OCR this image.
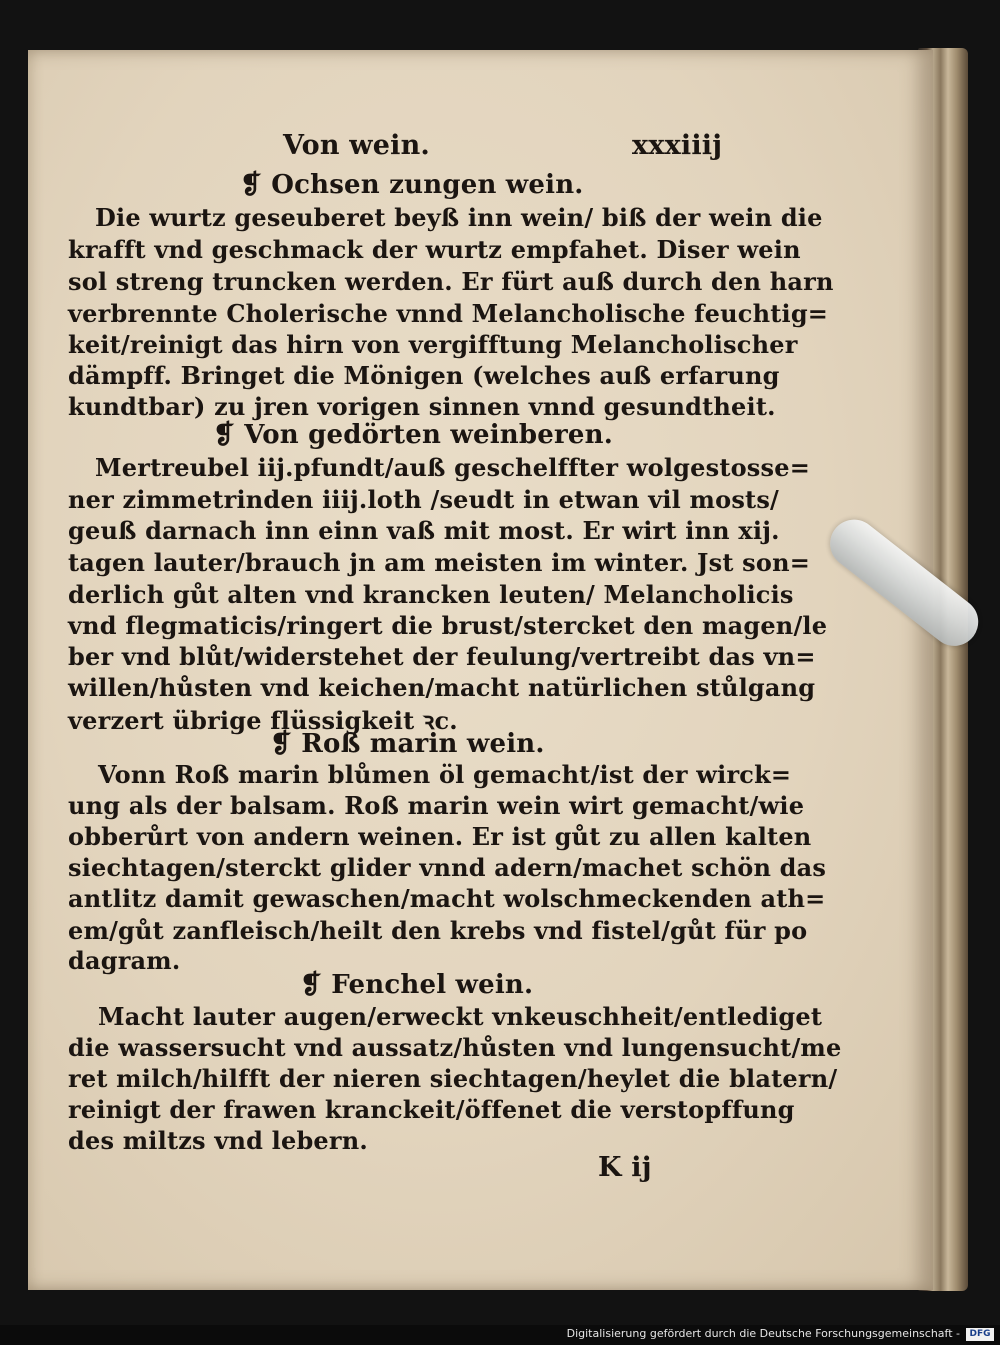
Von wein.	xxxiiij
❡ Ochsen zungen wein.
Die wurtz geseuberet beyß inn wein/ biß der wein die
krafft vnd geschmack der wurtz empfahet. Diser wein
sol streng truncken werden. Er fürt auß durch den harn
verbrennte Cholerische vnnd Melancholische feuchtig=
keit/reinigt das hirn von vergifftung Melancholischer
dämpff. Bringet die Mönigen (welches auß erfarung
kundtbar) zu jren vorigen sinnen vnnd gesundtheit.
❡ Von gedörten weinberen.
Mertreubel iij.pfundt/auß geschelffter wolgestosse=
ner zimmetrinden iiij.loth /seudt in etwan vil mosts/
geuß darnach inn einn vaß mit most. Er wirt inn xij.
tagen lauter/brauch jn am meisten im winter. Jst son=
derlich gůt alten vnd krancken leuten/ Melancholicis
vnd flegmaticis/ringert die brust/stercket den magen/le
ber vnd blůt/widerstehet der feulung/vertreibt das vn=
willen/hůsten vnd keichen/macht natürlichen stůlgang
verzert übrige flüssigkeit ꝛc.
❡ Roß marin wein.
Vonn Roß marin blůmen öl gemacht/ist der wirck=
ung als der balsam. Roß marin wein wirt gemacht/wie
obberůrt von andern weinen. Er ist gůt zu allen kalten
siechtagen/sterckt glider vnnd adern/machet schön das
antlitz damit gewaschen/macht wolschmeckenden ath=
em/gůt zanfleisch/heilt den krebs vnd fistel/gůt für po
dagram.
❡ Fenchel wein.
Macht lauter augen/erweckt vnkeuschheit/entlediget
die wassersucht vnd aussatz/hůsten vnd lungensucht/me
ret milch/hilfft der nieren siechtagen/heylet die blatern/
reinigt der frawen kranckeit/öffenet die verstopffung
des miltzs vnd lebern.
K ij
Digitalisierung gefördert durch die Deutsche Forschungsgemeinschaft -	DFG
